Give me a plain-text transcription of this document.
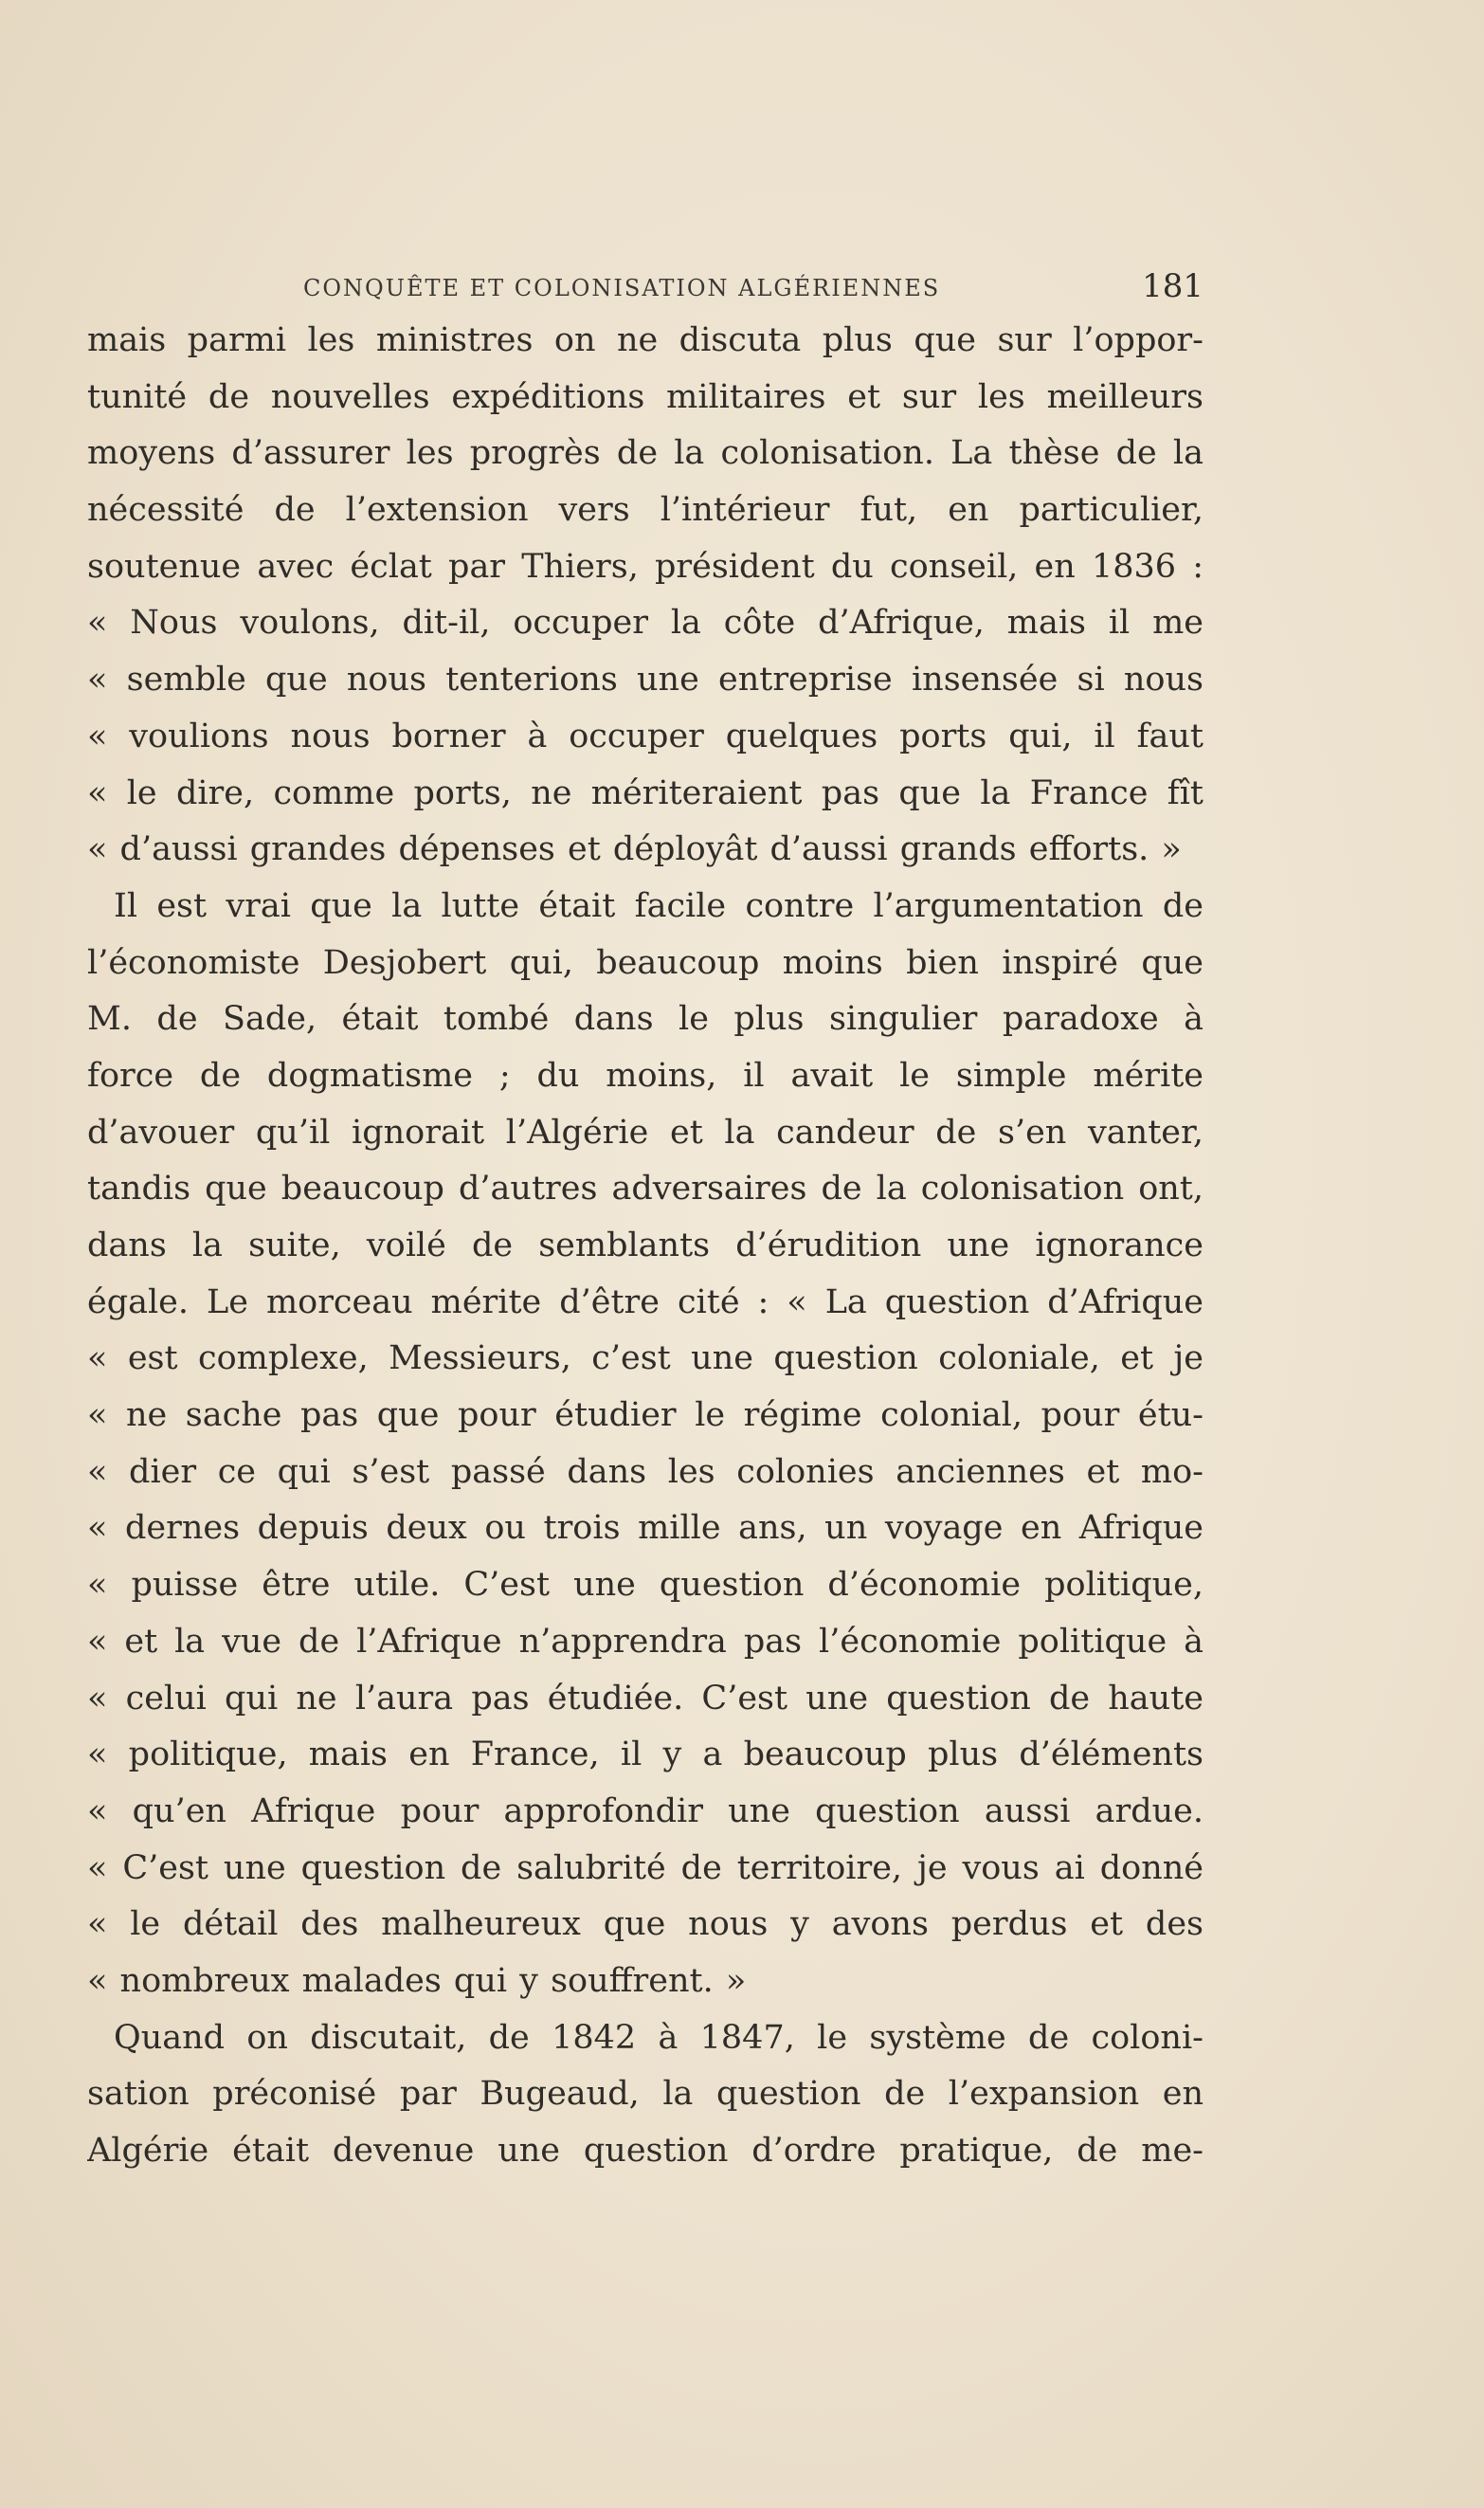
CONQUÊTE ET COLONISATION ALGÉRIENNES	181
mais parmi les ministres on ne discuta plus que sur l’oppor-
tunité de nouvelles expéditions militaires et sur les meilleurs
moyens d’assurer les progrès de la colonisation. La thèse de la
nécessité de l’extension vers l’intérieur fut, en particulier,
soutenue avec éclat par Thiers, président du conseil, en 1836 :
« Nous voulons, dit-il, occuper la côte d’Afrique, mais il me
« semble que nous tenterions une entreprise insensée si nous
« voulions nous borner à occuper quelques ports qui, il faut
« le dire, comme ports, ne mériteraient pas que la France fît
« d’aussi grandes dépenses et déployât d’aussi grands efforts. »
Il est vrai que la lutte était facile contre l’argumentation de
l’économiste Desjobert qui, beaucoup moins bien inspiré que
M. de Sade, était tombé dans le plus singulier paradoxe à
force de dogmatisme ; du moins, il avait le simple mérite
d’avouer qu’il ignorait l’Algérie et la candeur de s’en vanter,
tandis que beaucoup d’autres adversaires de la colonisation ont,
dans la suite, voilé de semblants d’érudition une ignorance
égale. Le morceau mérite d’être cité : « La question d’Afrique
« est complexe, Messieurs, c’est une question coloniale, et je
« ne sache pas que pour étudier le régime colonial, pour étu-
« dier ce qui s’est passé dans les colonies anciennes et mo-
« dernes depuis deux ou trois mille ans, un voyage en Afrique
« puisse être utile. C’est une question d’économie politique,
« et la vue de l’Afrique n’apprendra pas l’économie politique à
« celui qui ne l’aura pas étudiée. C’est une question de haute
« politique, mais en France, il y a beaucoup plus d’éléments
« qu’en Afrique pour approfondir une question aussi ardue.
« C’est une question de salubrité de territoire, je vous ai donné
« le détail des malheureux que nous y avons perdus et des
« nombreux malades qui y souffrent. »
Quand on discutait, de 1842 à 1847, le système de coloni-
sation préconisé par Bugeaud, la question de l’expansion en
Algérie était devenue une question d’ordre pratique, de me-
